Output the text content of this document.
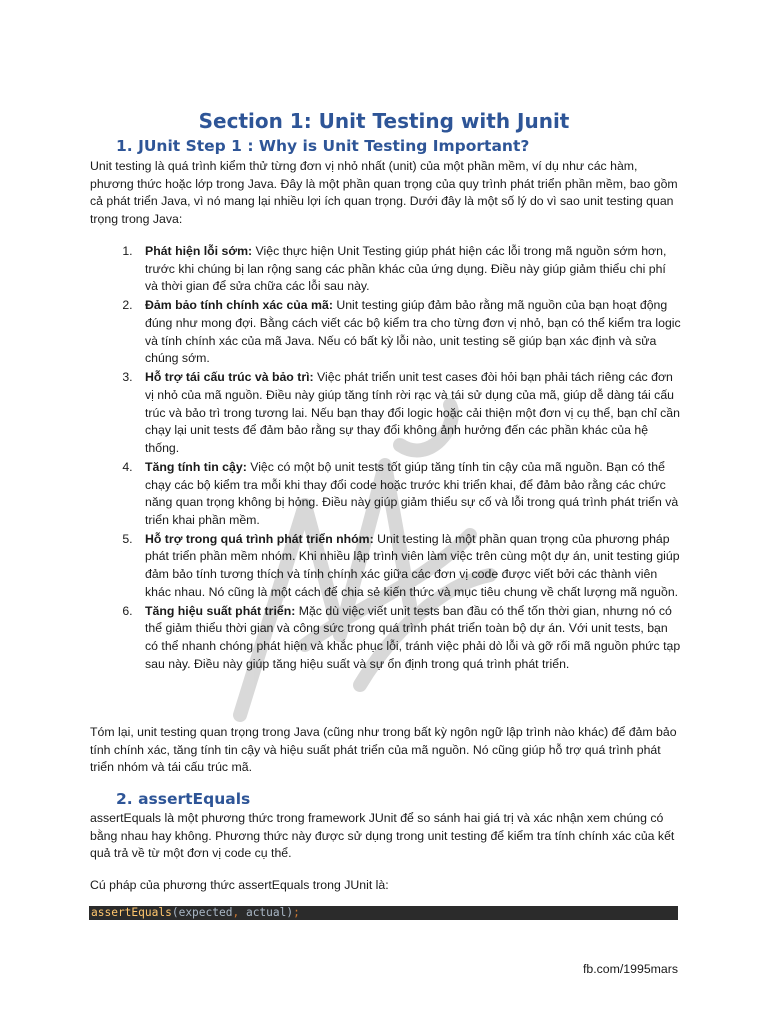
Section 1: Unit Testing with Junit
1. JUnit Step 1 : Why is Unit Testing Important?

Unit testing là quá trình kiểm thử từng đơn vị nhỏ nhất (unit) của một phần mềm, ví dụ như các hàm, phương thức hoặc lớp trong Java. Đây là một phần quan trọng của quy trình phát triển phần mềm, bao gồm cả phát triển Java, vì nó mang lại nhiều lợi ích quan trọng. Dưới đây là một số lý do vì sao unit testing quan trọng trong Java:

1. Phát hiện lỗi sớm: Việc thực hiện Unit Testing giúp phát hiện các lỗi trong mã nguồn sớm hơn, trước khi chúng bị lan rộng sang các phần khác của ứng dụng. Điều này giúp giảm thiểu chi phí và thời gian để sửa chữa các lỗi sau này.
2. Đảm bảo tính chính xác của mã: Unit testing giúp đảm bảo rằng mã nguồn của bạn hoạt động đúng như mong đợi. Bằng cách viết các bộ kiểm tra cho từng đơn vị nhỏ, bạn có thể kiểm tra logic và tính chính xác của mã Java. Nếu có bất kỳ lỗi nào, unit testing sẽ giúp bạn xác định và sửa chúng sớm.
3. Hỗ trợ tái cấu trúc và bảo trì: Việc phát triển unit test cases đòi hỏi bạn phải tách riêng các đơn vị nhỏ của mã nguồn. Điều này giúp tăng tính rời rạc và tái sử dụng của mã, giúp dễ dàng tái cấu trúc và bảo trì trong tương lai. Nếu bạn thay đổi logic hoặc cải thiện một đơn vị cụ thể, bạn chỉ cần chạy lại unit tests để đảm bảo rằng sự thay đổi không ảnh hưởng đến các phần khác của hệ thống.
4. Tăng tính tin cậy: Việc có một bộ unit tests tốt giúp tăng tính tin cậy của mã nguồn. Bạn có thể chạy các bộ kiểm tra mỗi khi thay đổi code hoặc trước khi triển khai, để đảm bảo rằng các chức năng quan trọng không bị hỏng. Điều này giúp giảm thiểu sự cố và lỗi trong quá trình phát triển và triển khai phần mềm.
5. Hỗ trợ trong quá trình phát triển nhóm: Unit testing là một phần quan trọng của phương pháp phát triển phần mềm nhóm. Khi nhiều lập trình viên làm việc trên cùng một dự án, unit testing giúp đảm bảo tính tương thích và tính chính xác giữa các đơn vị code được viết bởi các thành viên khác nhau. Nó cũng là một cách để chia sẻ kiến thức và mục tiêu chung về chất lượng mã nguồn.
6. Tăng hiệu suất phát triển: Mặc dù việc viết unit tests ban đầu có thể tốn thời gian, nhưng nó có thể giảm thiểu thời gian và công sức trong quá trình phát triển toàn bộ dự án. Với unit tests, bạn có thể nhanh chóng phát hiện và khắc phục lỗi, tránh việc phải dò lỗi và gỡ rối mã nguồn phức tạp sau này. Điều này giúp tăng hiệu suất và sự ổn định trong quá trình phát triển.

Tóm lại, unit testing quan trọng trong Java (cũng như trong bất kỳ ngôn ngữ lập trình nào khác) để đảm bảo tính chính xác, tăng tính tin cậy và hiệu suất phát triển của mã nguồn. Nó cũng giúp hỗ trợ quá trình phát triển nhóm và tái cấu trúc mã.

2. assertEquals

assertEquals là một phương thức trong framework JUnit để so sánh hai giá trị và xác nhận xem chúng có bằng nhau hay không. Phương thức này được sử dụng trong unit testing để kiểm tra tính chính xác của kết quả trả về từ một đơn vị code cụ thể.

Cú pháp của phương thức assertEquals trong JUnit là:

assertEquals(expected, actual);

fb.com/1995mars
